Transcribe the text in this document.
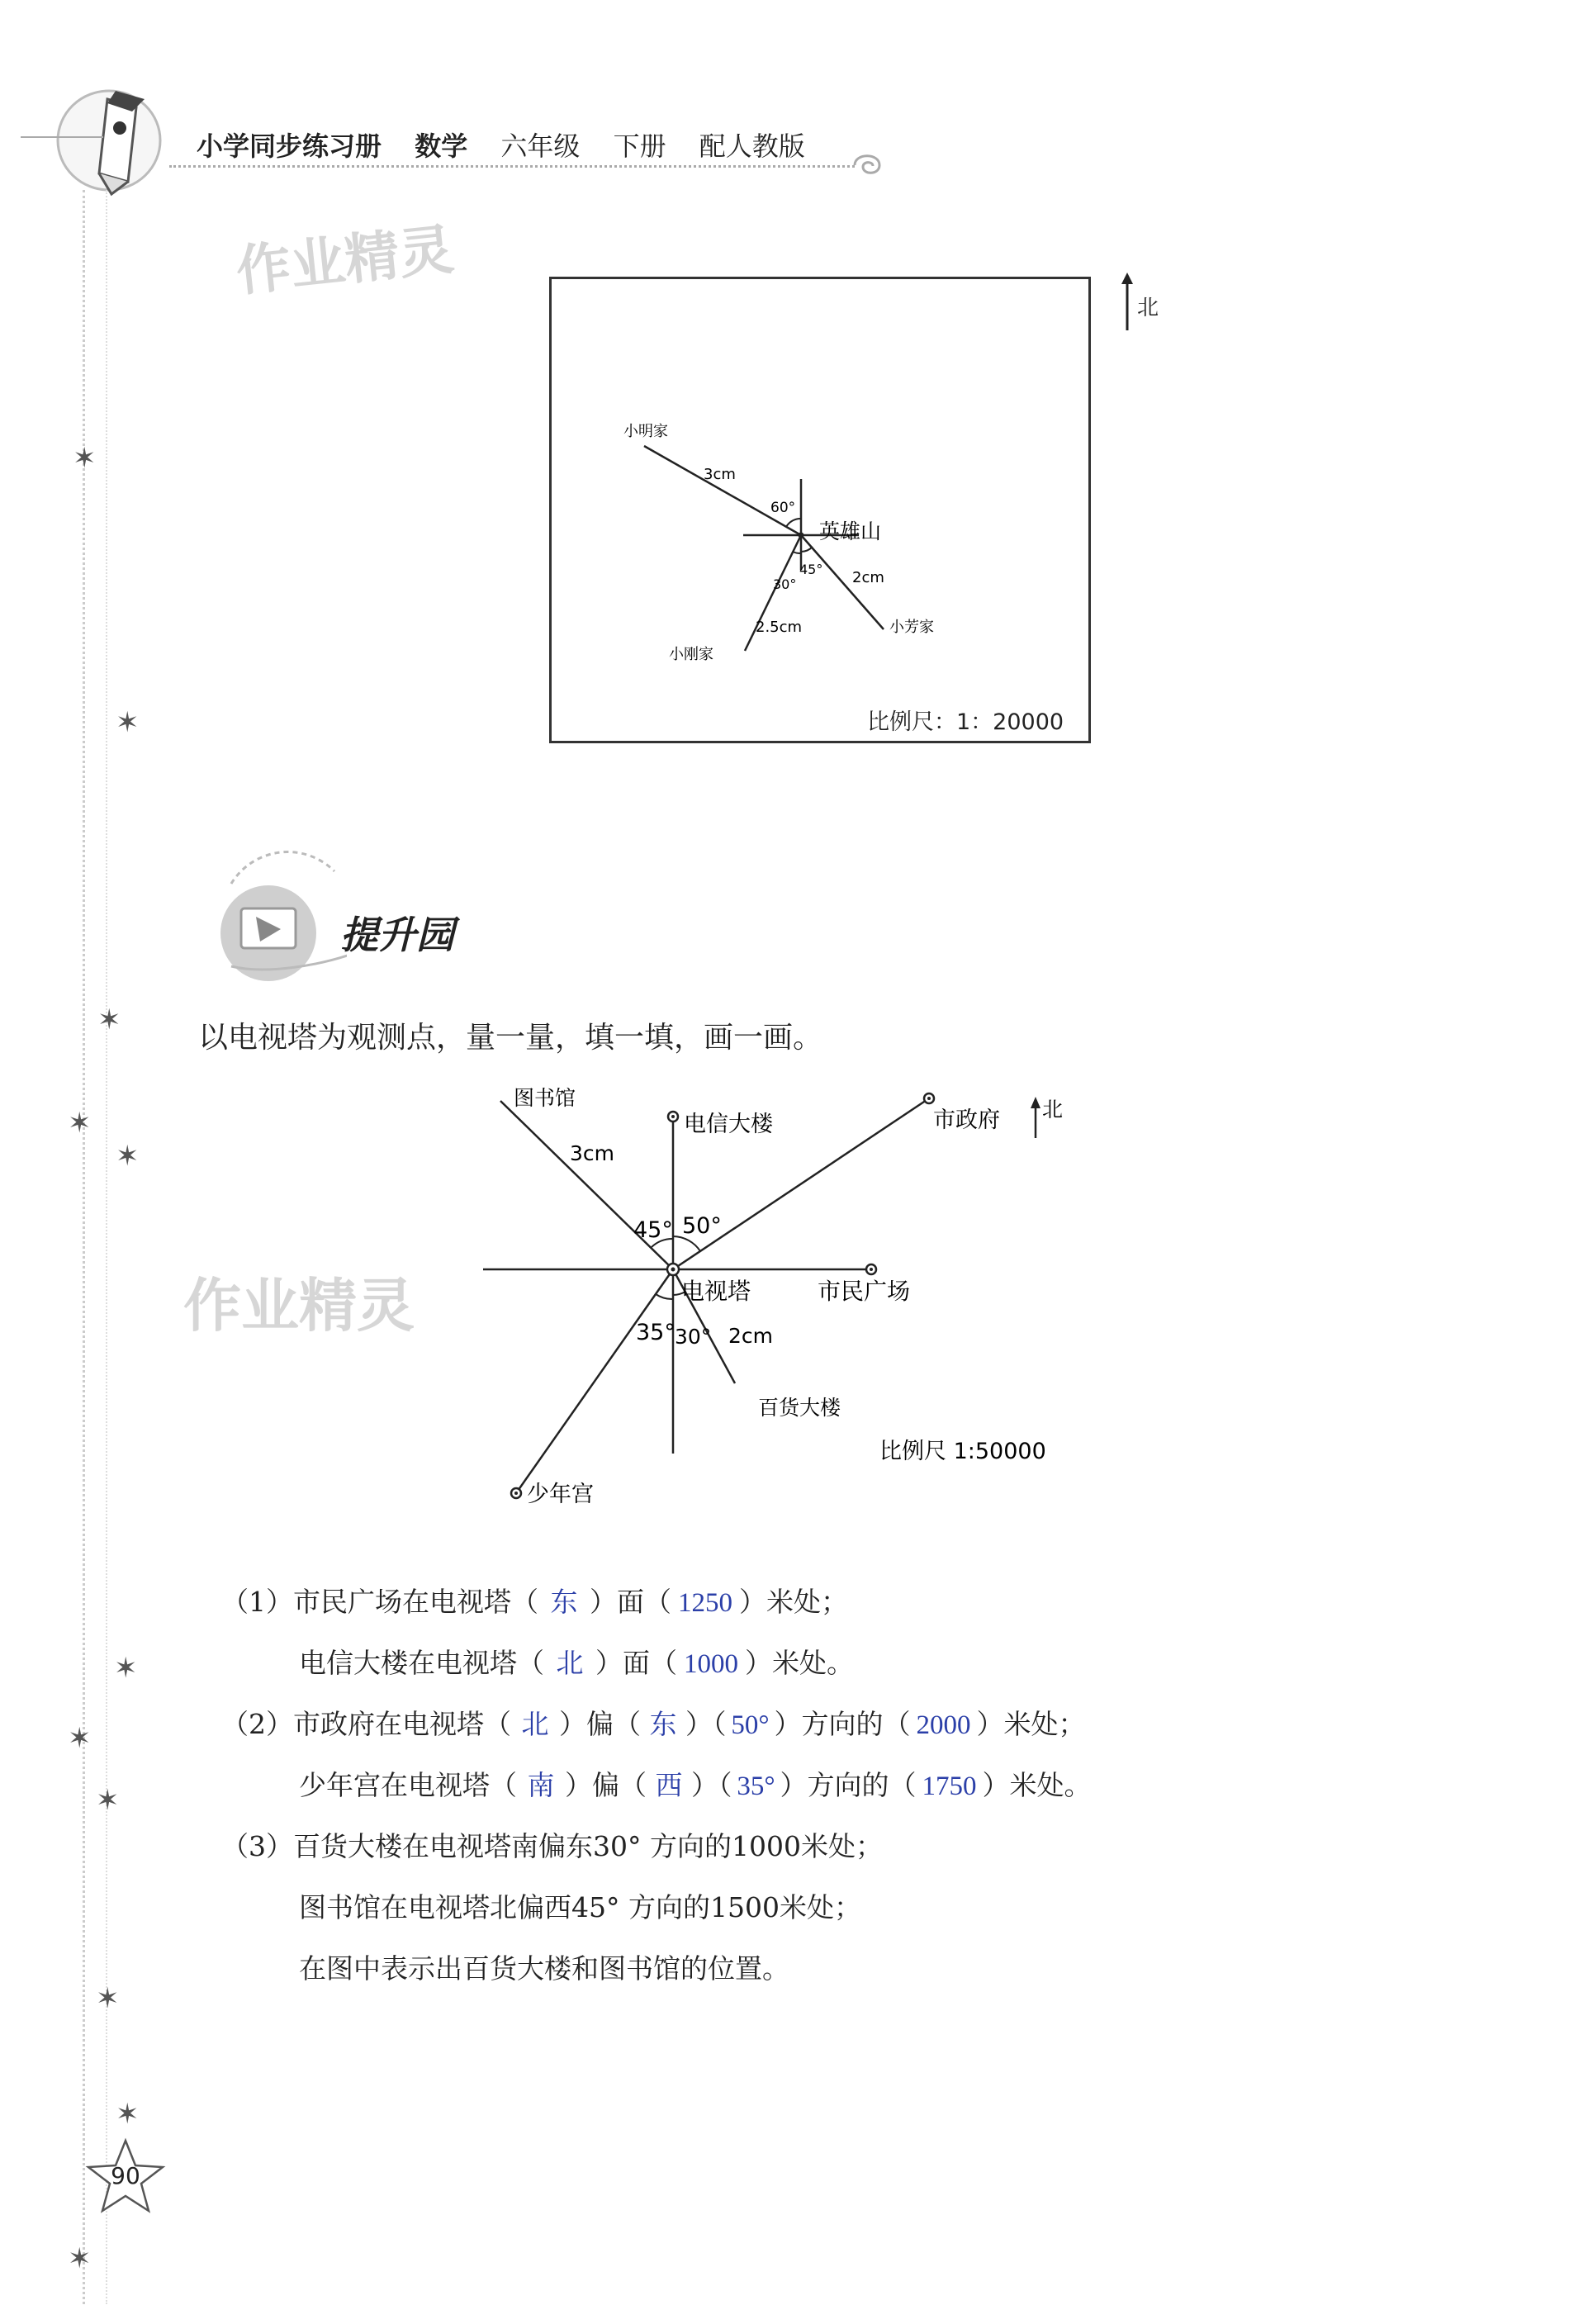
小学同步练习册 数学 六年级 下册 配人教版
✶
✶
✶
✶
✶
✶
✶
✶
✶
✶
✶
作业精灵
作业精灵
北
小明家
3cm
60°
英雄山
45°
30°	2cm
2.5cm	小芳家
小刚家
比例尺：1：20000
提升园
以电视塔为观测点，量一量，填一填，画一画。
北
图书馆
3cm
电信大楼	市政府
45° 50°
电视塔	市民广场
35° 30° 2cm
百货大楼
比例尺 1:50000
少年宫
（1）市民广场在电视塔（ 东 ）面（ 1250 ）米处；
电信大楼在电视塔（ 北 ）面（ 1000 ）米处。
（2）市政府在电视塔（ 北 ）偏（ 东 ）（ 50° ）方向的（ 2000 ）米处；
少年宫在电视塔（ 南 ）偏（ 西 ）（ 35° ）方向的（ 1750 ）米处。
（3）百货大楼在电视塔南偏东30° 方向的1000米处；
图书馆在电视塔北偏西45° 方向的1500米处；
在图中表示出百货大楼和图书馆的位置。
90
